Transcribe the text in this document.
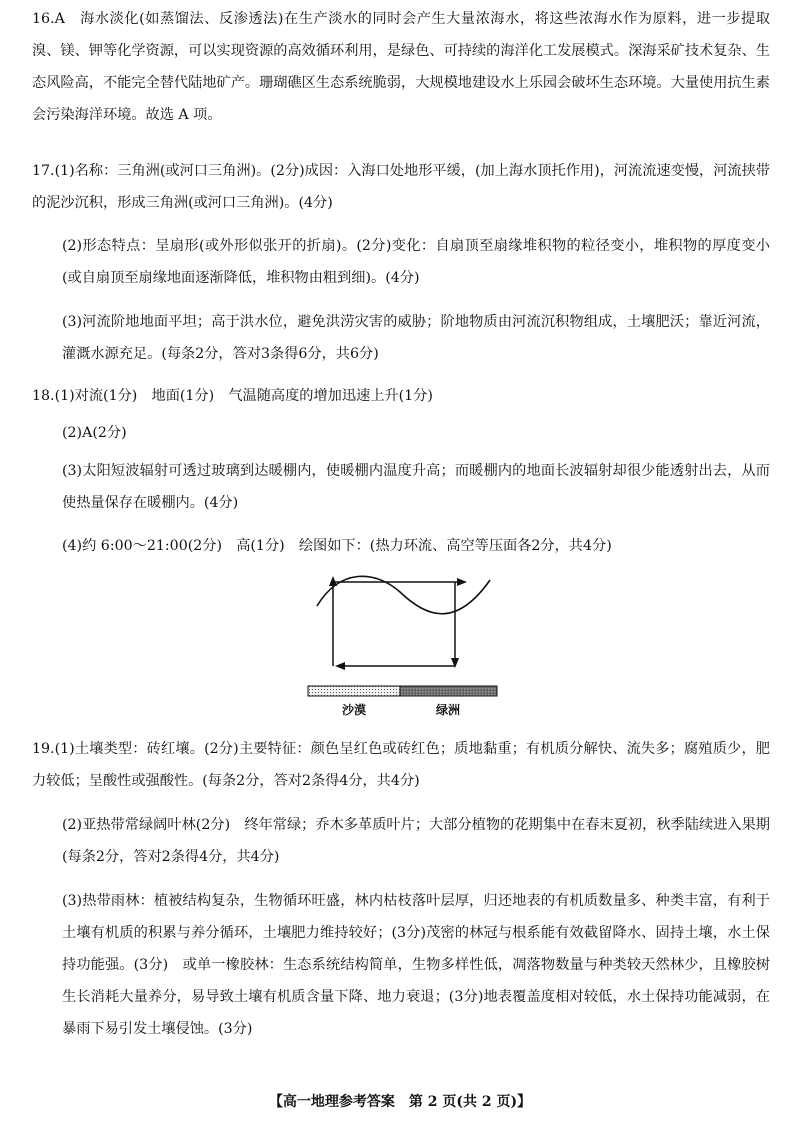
16.A　海水淡化(如蒸馏法、反渗透法)在生产淡水的同时会产生大量浓海水，将这些浓海水作为原料，进一步提取溴、镁、钾等化学资源，可以实现资源的高效循环利用，是绿色、可持续的海洋化工发展模式。深海采矿技术复杂、生态风险高，不能完全替代陆地矿产。珊瑚礁区生态系统脆弱，大规模地建设水上乐园会破坏生态环境。大量使用抗生素会污染海洋环境。故选 A 项。

17.(1)名称：三角洲(或河口三角洲)。(2分)成因：入海口处地形平缓，(加上海水顶托作用)，河流流速变慢，河流挟带的泥沙沉积，形成三角洲(或河口三角洲)。(4分)

(2)形态特点：呈扇形(或外形似张开的折扇)。(2分)变化：自扇顶至扇缘堆积物的粒径变小，堆积物的厚度变小(或自扇顶至扇缘地面逐渐降低，堆积物由粗到细)。(4分)

(3)河流阶地地面平坦；高于洪水位，避免洪涝灾害的威胁；阶地物质由河流沉积物组成，土壤肥沃；靠近河流，灌溉水源充足。(每条2分，答对3条得6分，共6分)

18.(1)对流(1分)　地面(1分)　气温随高度的增加迅速上升(1分)

(2)A(2分)

(3)太阳短波辐射可透过玻璃到达暖棚内，使暖棚内温度升高；而暖棚内的地面长波辐射却很少能透射出去，从而使热量保存在暖棚内。(4分)

(4)约 6:00～21:00(2分)　高(1分)　绘图如下：(热力环流、高空等压面各2分，共4分)

沙漠	绿洲

19.(1)土壤类型：砖红壤。(2分)主要特征：颜色呈红色或砖红色；质地黏重；有机质分解快、流失多；腐殖质少，肥力较低；呈酸性或强酸性。(每条2分，答对2条得4分，共4分)

(2)亚热带常绿阔叶林(2分)　终年常绿；乔木多革质叶片；大部分植物的花期集中在春末夏初，秋季陆续进入果期(每条2分，答对2条得4分，共4分)

(3)热带雨林：植被结构复杂，生物循环旺盛，林内枯枝落叶层厚，归还地表的有机质数量多、种类丰富，有利于土壤有机质的积累与养分循环，土壤肥力维持较好；(3分)茂密的林冠与根系能有效截留降水、固持土壤，水土保持功能强。(3分)　或单一橡胶林：生态系统结构简单，生物多样性低，凋落物数量与种类较天然林少，且橡胶树生长消耗大量养分，易导致土壤有机质含量下降、地力衰退；(3分)地表覆盖度相对较低，水土保持功能减弱，在暴雨下易引发土壤侵蚀。(3分)

【高一地理参考答案　第 2 页(共 2 页)】
